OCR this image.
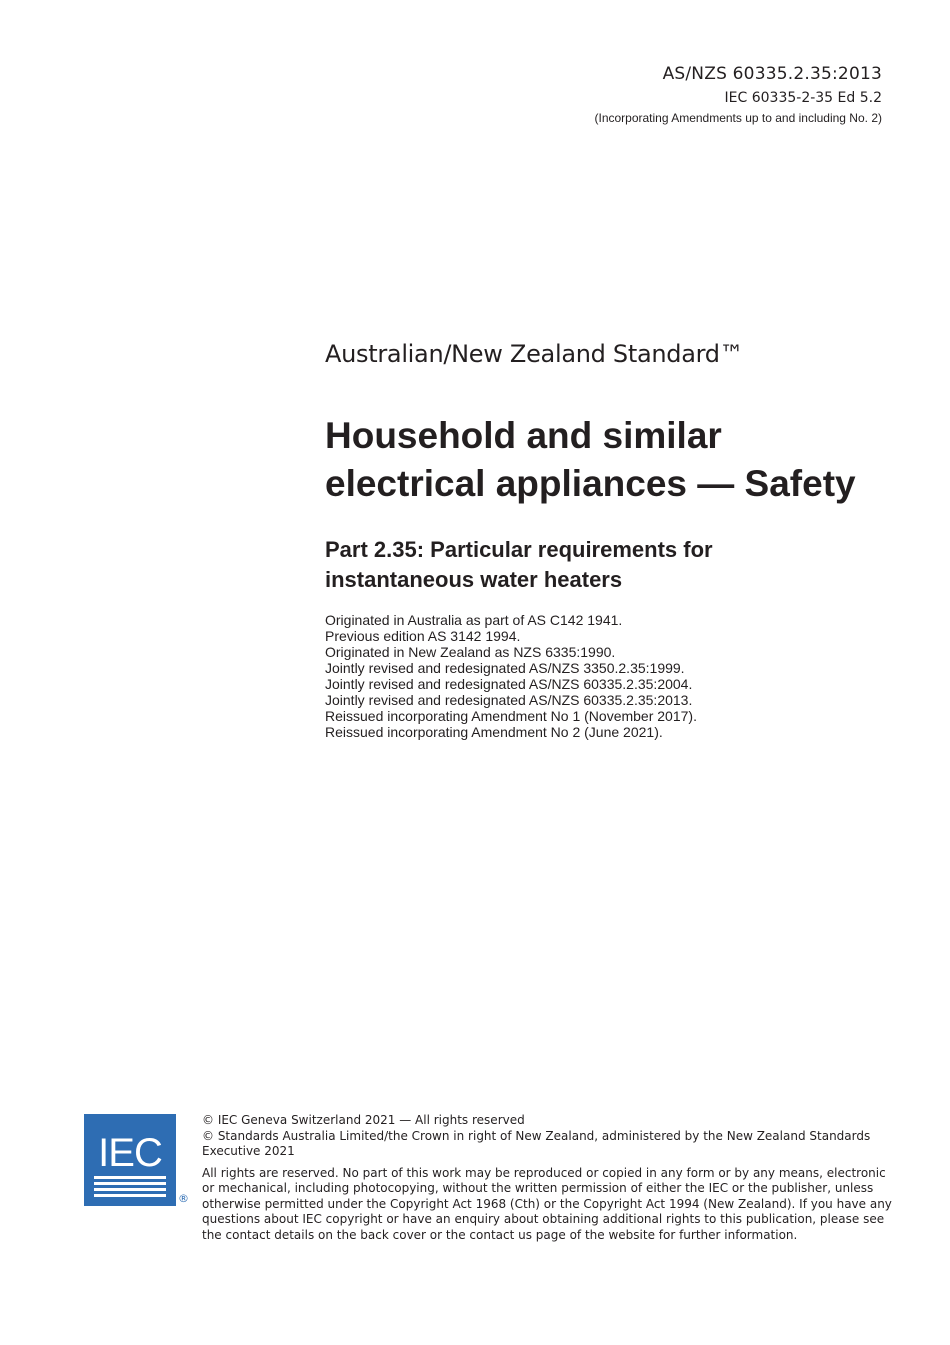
AS/NZS 60335.2.35:2013
IEC 60335-2-35 Ed 5.2
(Incorporating Amendments up to and including No. 2)
Australian/New Zealand Standard™
Household and similar
electrical appliances — Safety
Part 2.35: Particular requirements for
instantaneous water heaters
Originated in Australia as part of AS C142 1941.
Previous edition AS 3142 1994.
Originated in New Zealand as NZS 6335:1990.
Jointly revised and redesignated AS/NZS 3350.2.35:1999.
Jointly revised and redesignated AS/NZS 60335.2.35:2004.
Jointly revised and redesignated AS/NZS 60335.2.35:2013.
Reissued incorporating Amendment No 1 (November 2017).
Reissued incorporating Amendment No 2 (June 2021).
IEC
®

© IEC Geneva Switzerland 2021 — All rights reserved

© Standards Australia Limited/the Crown in right of New Zealand, administered by the New Zealand Standards Executive 2021

All rights are reserved. No part of this work may be reproduced or copied in any form or by any means, electronic or mechanical, including photocopying, without the written permission of either the IEC or the publisher, unless otherwise permitted under the Copyright Act 1968 (Cth) or the Copyright Act 1994 (New Zealand). If you have any questions about IEC copyright or have an enquiry about obtaining additional rights to this publication, please see the contact details on the back cover or the contact us page of the website for further information.
